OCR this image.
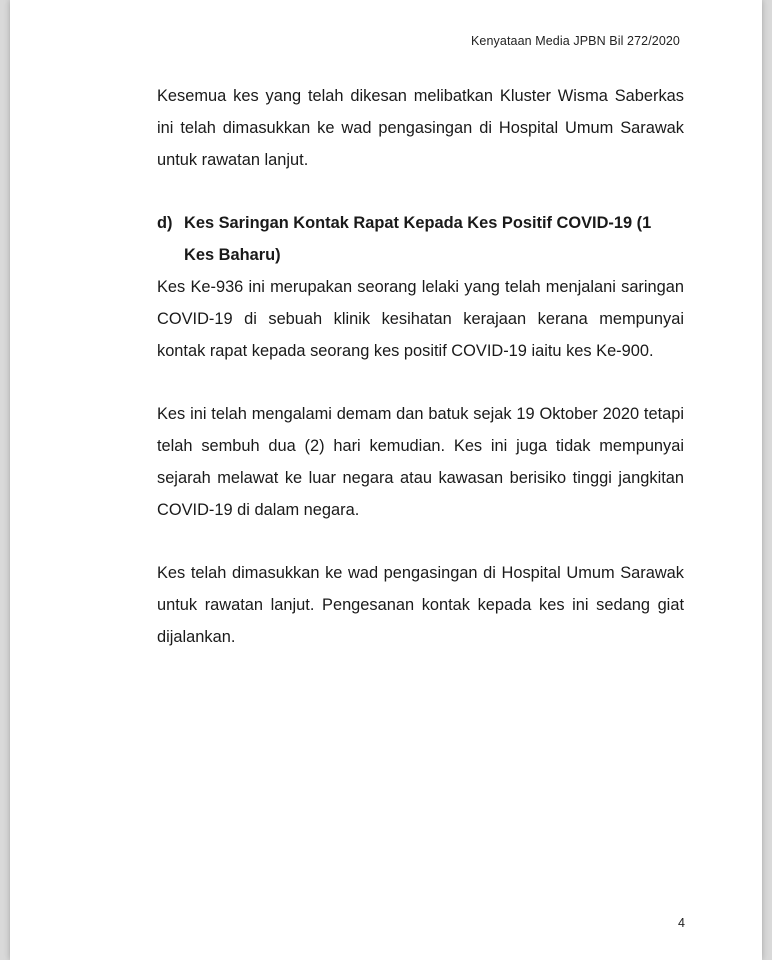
Kenyataan Media JPBN Bil 272/2020

Kesemua kes yang telah dikesan melibatkan Kluster Wisma Saberkas ini telah dimasukkan ke wad pengasingan di Hospital Umum Sarawak untuk rawatan lanjut.

d) Kes Saringan Kontak Rapat Kepada Kes Positif COVID-19 (1 Kes Baharu)

Kes Ke-936 ini merupakan seorang lelaki yang telah menjalani saringan COVID-19 di sebuah klinik kesihatan kerajaan kerana mempunyai kontak rapat kepada seorang kes positif COVID-19 iaitu kes Ke-900.

Kes ini telah mengalami demam dan batuk sejak 19 Oktober 2020 tetapi telah sembuh dua (2) hari kemudian. Kes ini juga tidak mempunyai sejarah melawat ke luar negara atau kawasan berisiko tinggi jangkitan COVID-19 di dalam negara.

Kes telah dimasukkan ke wad pengasingan di Hospital Umum Sarawak untuk rawatan lanjut. Pengesanan kontak kepada kes ini sedang giat dijalankan.

4
